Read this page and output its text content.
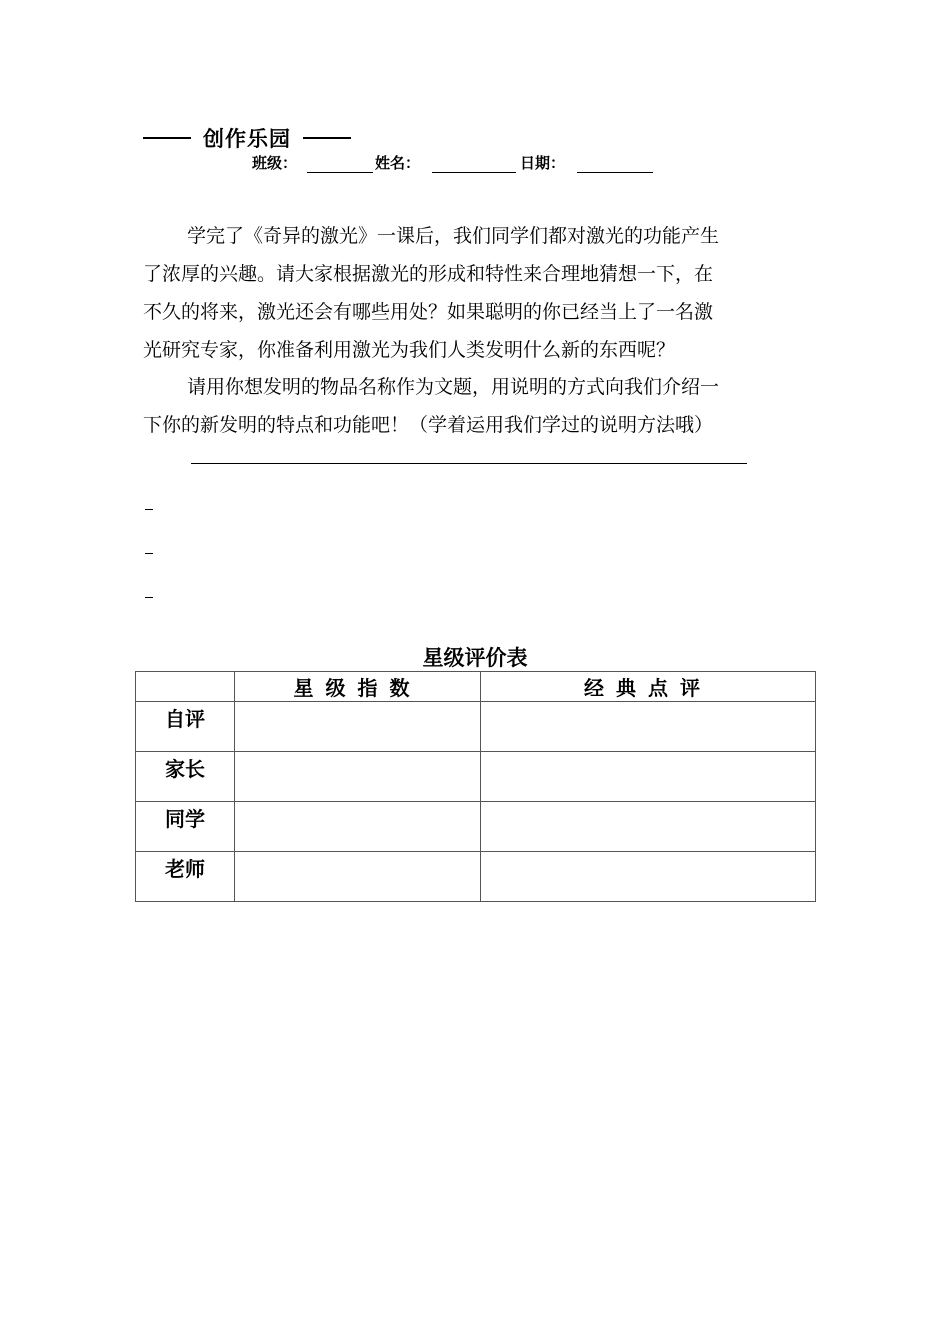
创作乐园
班级：	姓名：	日期：
学完了《奇异的激光》一课后，我们同学们都对激光的功能产生
了浓厚的兴趣。请大家根据激光的形成和特性来合理地猜想一下，在
不久的将来，激光还会有哪些用处？如果聪明的你已经当上了一名激
光研究专家，你准备利用激光为我们人类发明什么新的东西呢？
请用你想发明的物品名称作为文题，用说明的方式向我们介绍一
下你的新发明的特点和功能吧！（学着运用我们学过的说明方法哦）
星级评价表
	星级指数	经典点评
自评		
家长		
同学		
老师		
